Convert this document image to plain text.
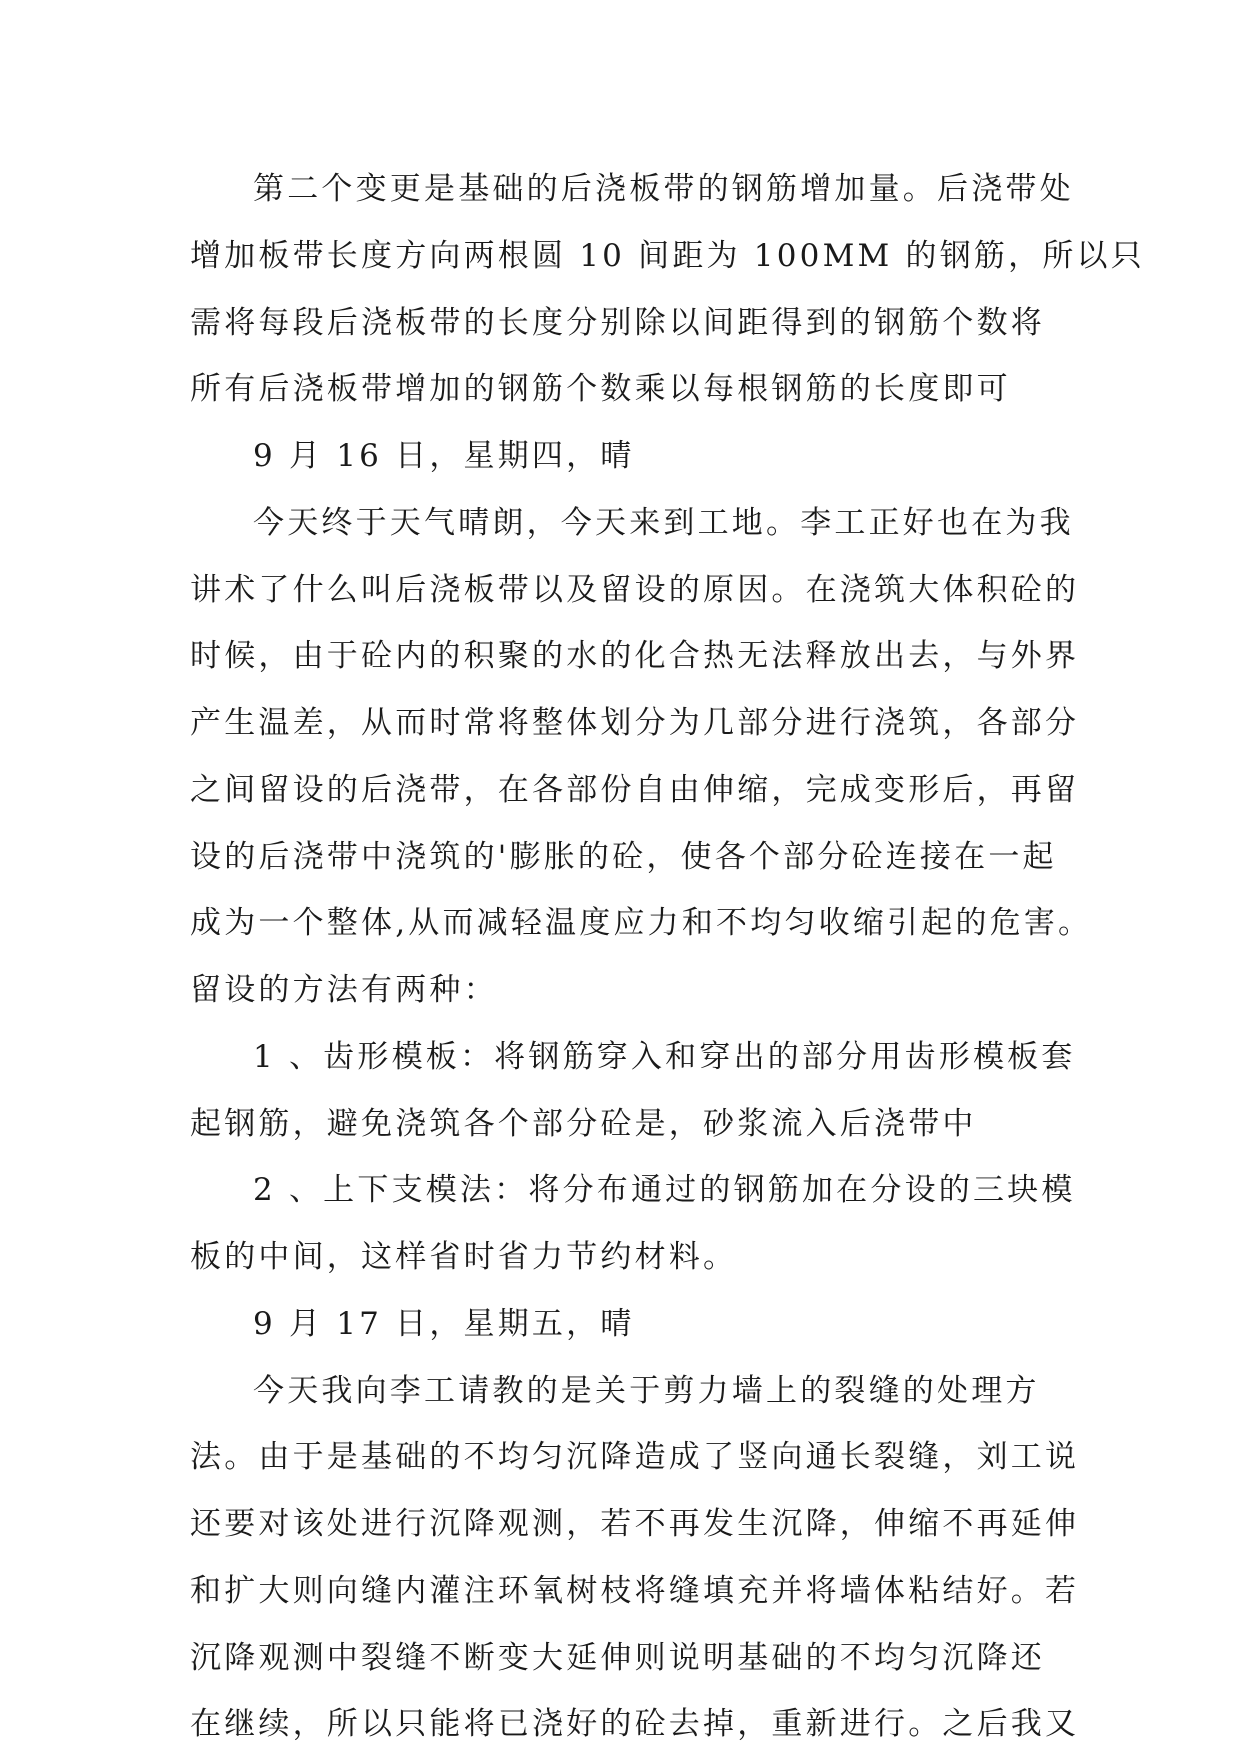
第二个变更是基础的后浇板带的钢筋增加量。后浇带处
增加板带长度方向两根圆 10 间距为 100MM 的钢筋，所以只
需将每段后浇板带的长度分别除以间距得到的钢筋个数将
所有后浇板带增加的钢筋个数乘以每根钢筋的长度即可
9 月 16 日，星期四，晴
今天终于天气晴朗，今天来到工地。李工正好也在为我
讲术了什么叫后浇板带以及留设的原因。在浇筑大体积砼的
时候，由于砼内的积聚的水的化合热无法释放出去，与外界
产生温差，从而时常将整体划分为几部分进行浇筑，各部分
之间留设的后浇带，在各部份自由伸缩，完成变形后，再留
设的后浇带中浇筑的'膨胀的砼，使各个部分砼连接在一起
成为一个整体,从而减轻温度应力和不均匀收缩引起的危害。
留设的方法有两种：
1 、齿形模板：将钢筋穿入和穿出的部分用齿形模板套
起钢筋，避免浇筑各个部分砼是，砂浆流入后浇带中
2 、上下支模法：将分布通过的钢筋加在分设的三块模
板的中间，这样省时省力节约材料。
9 月 17 日，星期五，晴
今天我向李工请教的是关于剪力墙上的裂缝的处理方
法。由于是基础的不均匀沉降造成了竖向通长裂缝，刘工说
还要对该处进行沉降观测，若不再发生沉降，伸缩不再延伸
和扩大则向缝内灌注环氧树枝将缝填充并将墙体粘结好。若
沉降观测中裂缝不断变大延伸则说明基础的不均匀沉降还
在继续，所以只能将已浇好的砼去掉，重新进行。之后我又
